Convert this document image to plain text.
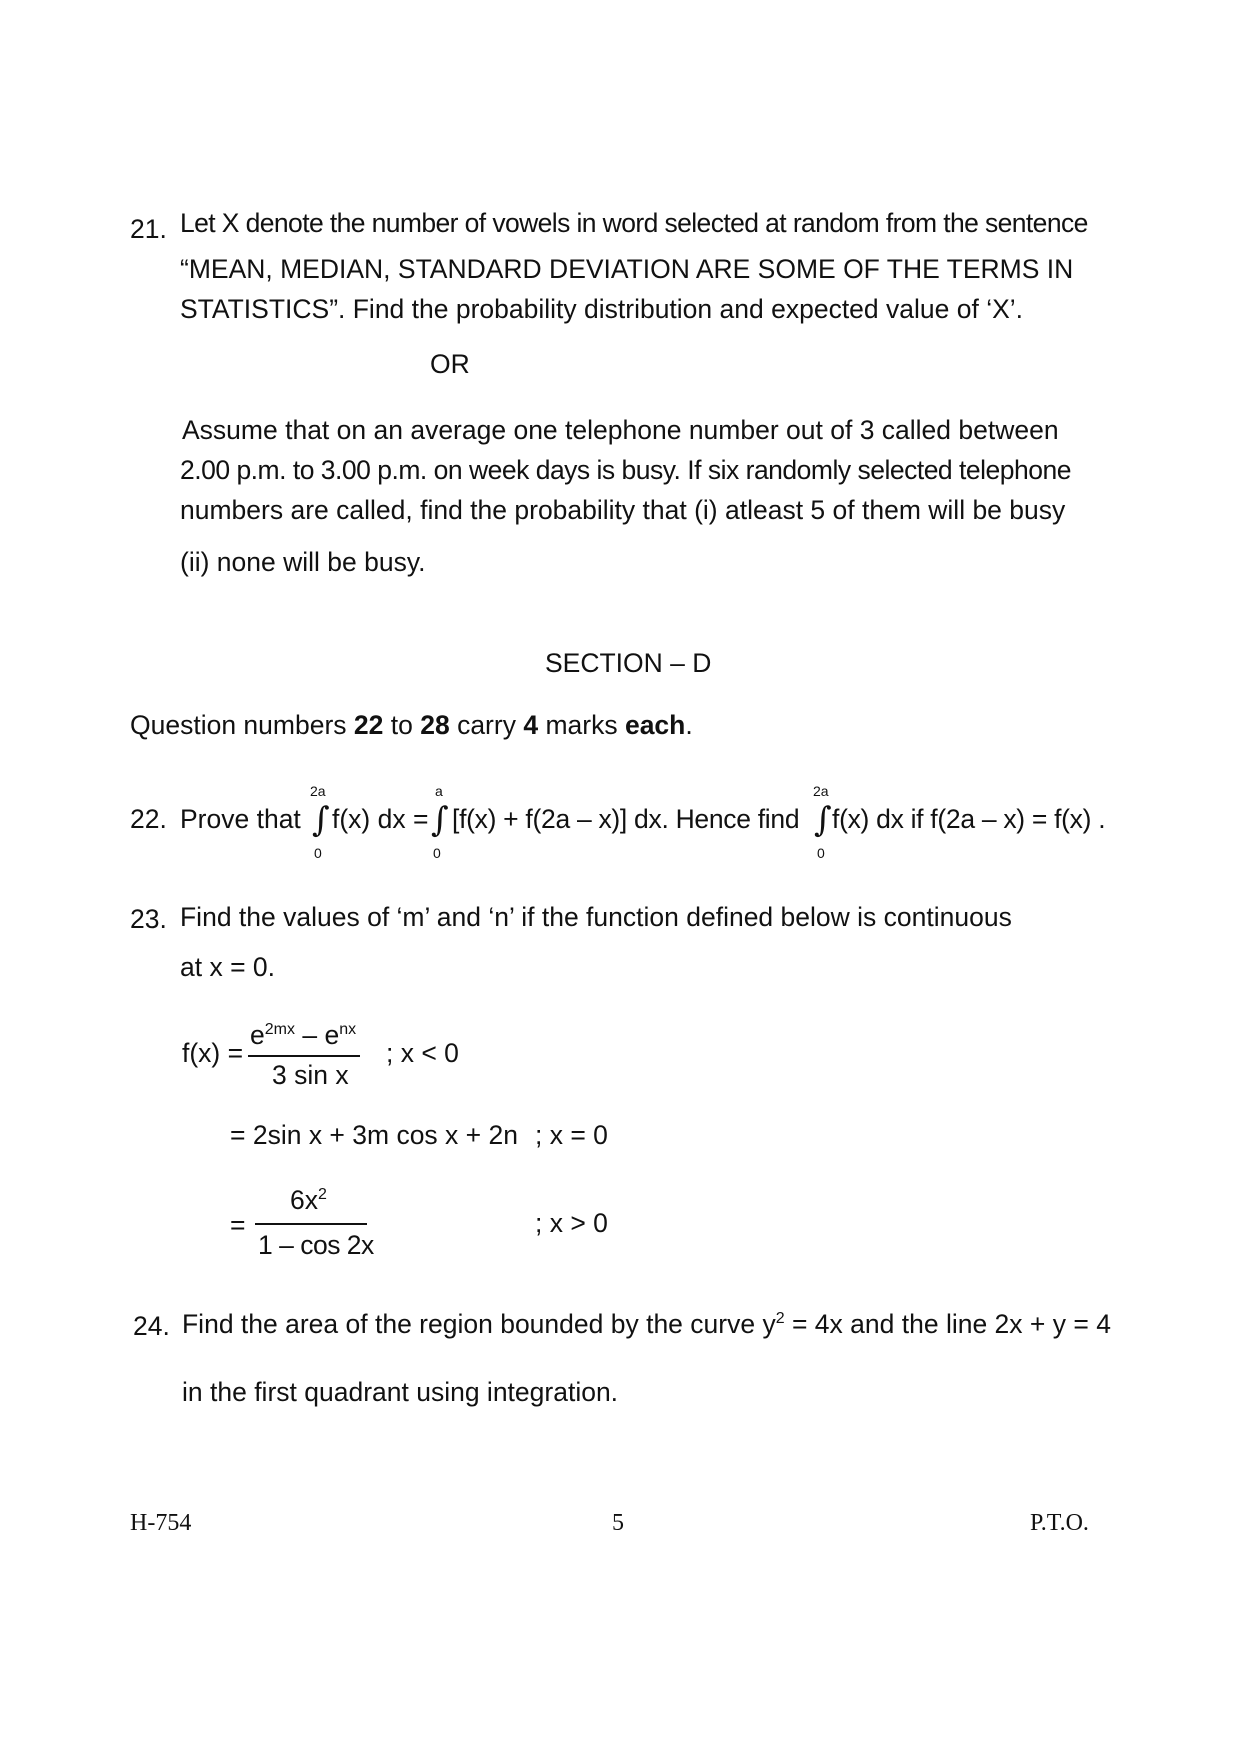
21. Let X denote the number of vowels in word selected at random from the sentence
“MEAN, MEDIAN, STANDARD DEVIATION ARE SOME OF THE TERMS IN
STATISTICS”. Find the probability distribution and expected value of ‘X’.
OR
Assume that on an average one telephone number out of 3 called between
2.00 p.m. to 3.00 p.m. on week days is busy. If six randomly selected telephone
numbers are called, find the probability that (i) atleast 5 of them will be busy
(ii) none will be busy.
SECTION – D
Question numbers 22 to 28 carry 4 marks each.
22. Prove that
2a
∫
0
f(x) dx =
a
∫
0
[f(x) + f(2a – x)] dx. Hence find
2a
∫
0
f(x) dx if f(2a – x) = f(x) .
23. Find the values of ‘m’ and ‘n’ if the function defined below is continuous
at x = 0.
f(x) =
$e^{2mx} - e^{nx}$
3 sin x
; x < 0
= 2sin x + 3m cos x + 2n ; x = 0
=
$6x^2$
1 – cos 2x
; x > 0
24. Find the area of the region bounded by the curve $y^2 = 4x$ and the line 2x + y = 4
in the first quadrant using integration.
H-754	5	P.T.O.
